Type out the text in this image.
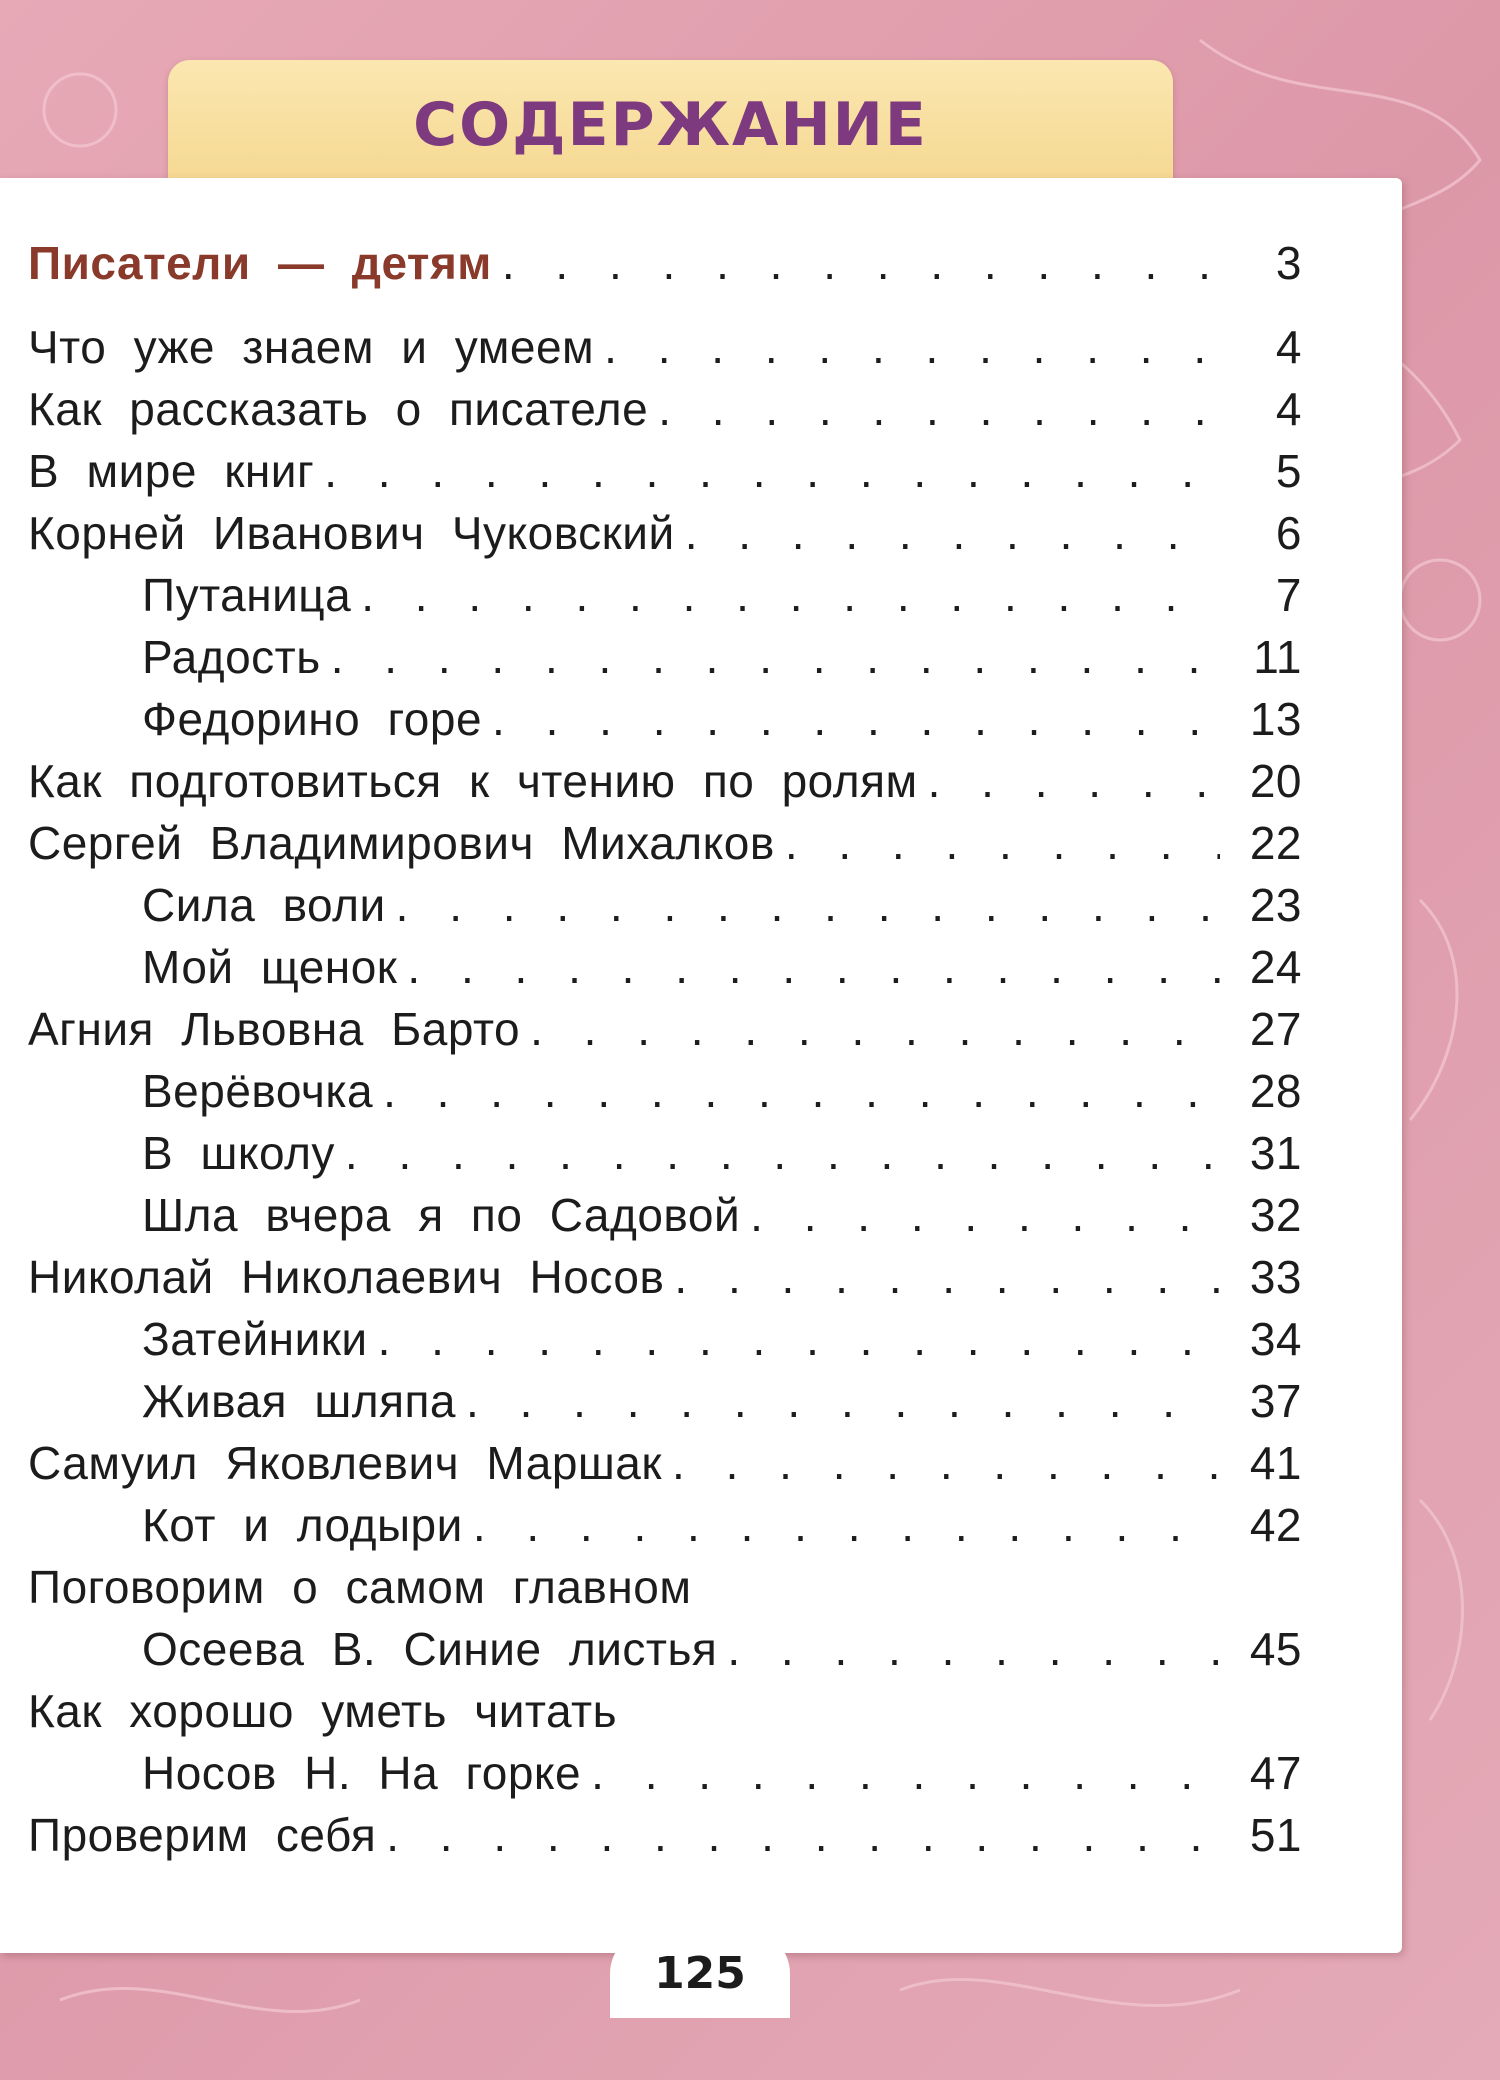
СОДЕРЖАНИЕ
Писатели — детям . . .	3
Что уже знаем и умеем . . .	4
Как рассказать о писателе . . .	4
В мире книг . . .	5
Корней Иванович Чуковский . . .	6
Путаница . . .	7
Радость . . .	11
Федорино горе . . .	13
Как подготовиться к чтению по ролям . . .	20
Сергей Владимирович Михалков . . .	22
Сила воли . . .	23
Мой щенок . . .	24
Агния Львовна Барто . . .	27
Верёвочка . . .	28
В школу . . .	31
Шла вчера я по Садовой . . .	32
Николай Николаевич Носов . . .	33
Затейники . . .	34
Живая шляпа . . .	37
Самуил Яковлевич Маршак . . .	41
Кот и лодыри . . .	42
Поговорим о самом главном
Осеева В. Синие листья . . .	45
Как хорошо уметь читать
Носов Н. На горке . . .	47
Проверим себя . . .	51
125
